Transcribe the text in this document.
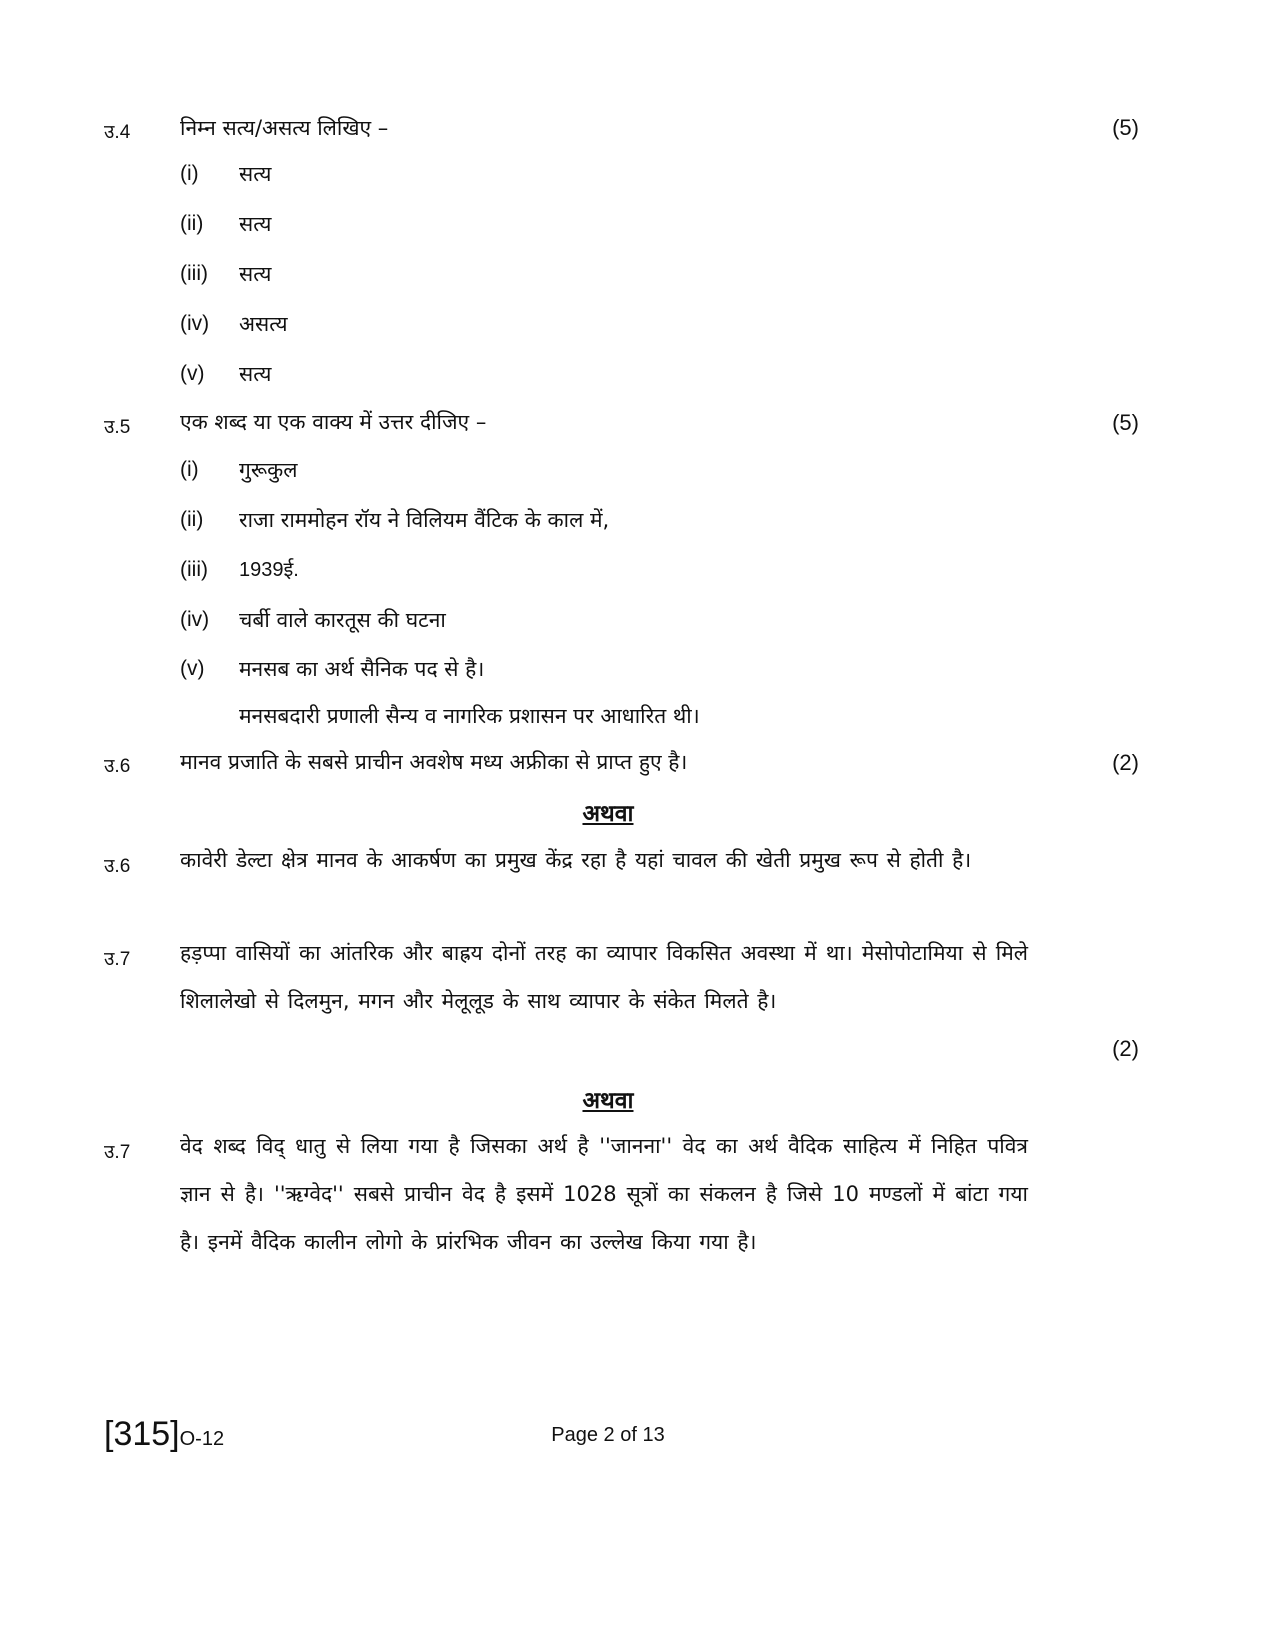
उ.4 निम्न सत्य/असत्य लिखिए –	(5)
(i) सत्य
(ii) सत्य
(iii) सत्य
(iv) असत्य
(v) सत्य
उ.5 एक शब्द या एक वाक्य में उत्तर दीजिए –	(5)
(i) गुरूकुल
(ii) राजा राममोहन रॉय ने विलियम वैंटिक के काल में,
(iii) 1939ई.
(iv) चर्बी वाले कारतूस की घटना
(v) मनसब का अर्थ सैनिक पद से है।
मनसबदारी प्रणाली सैन्य व नागरिक प्रशासन पर आधारित थी।
उ.6 मानव प्रजाति के सबसे प्राचीन अवशेष मध्य अफ्रीका से प्राप्त हुए है।	(2)
अथवा
उ.6 कावेरी डेल्टा क्षेत्र मानव के आकर्षण का प्रमुख केंद्र रहा है यहां चावल की खेती प्रमुख रूप से होती है।
उ.7 हड़प्पा वासियों का आंतरिक और बाह्रय दोनों तरह का व्यापार विकसित अवस्था में था। मेसोपोटामिया से मिले शिलालेखो से दिलमुन, मगन और मेलूलूड के साथ व्यापार के संकेत मिलते है।
(2)
अथवा
उ.7 वेद शब्द विद् धातु से लिया गया है जिसका अर्थ है ''जानना'' वेद का अर्थ वैदिक साहित्य में निहित पवित्र ज्ञान से है। ''ऋग्वेद'' सबसे प्राचीन वेद है इसमें 1028 सूत्रों का संकलन है जिसे 10 मण्डलों में बांटा गया है। इनमें वैदिक कालीन लोगो के प्रांरभिक जीवन का उल्लेख किया गया है।
[315]O-12	Page 2 of 13
